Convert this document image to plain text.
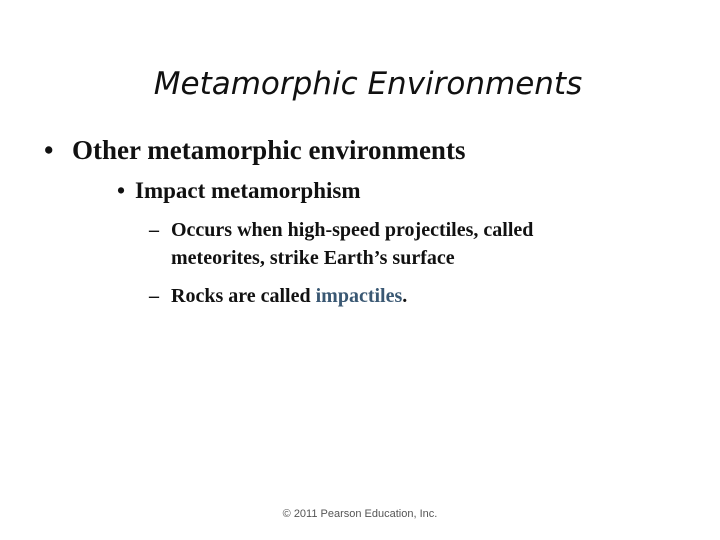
Metamorphic Environments
• Other metamorphic environments
• Impact metamorphism
– Occurs when high-speed projectiles, called
meteorites, strike Earth’s surface
– Rocks are called impactiles.
© 2011 Pearson Education, Inc.
